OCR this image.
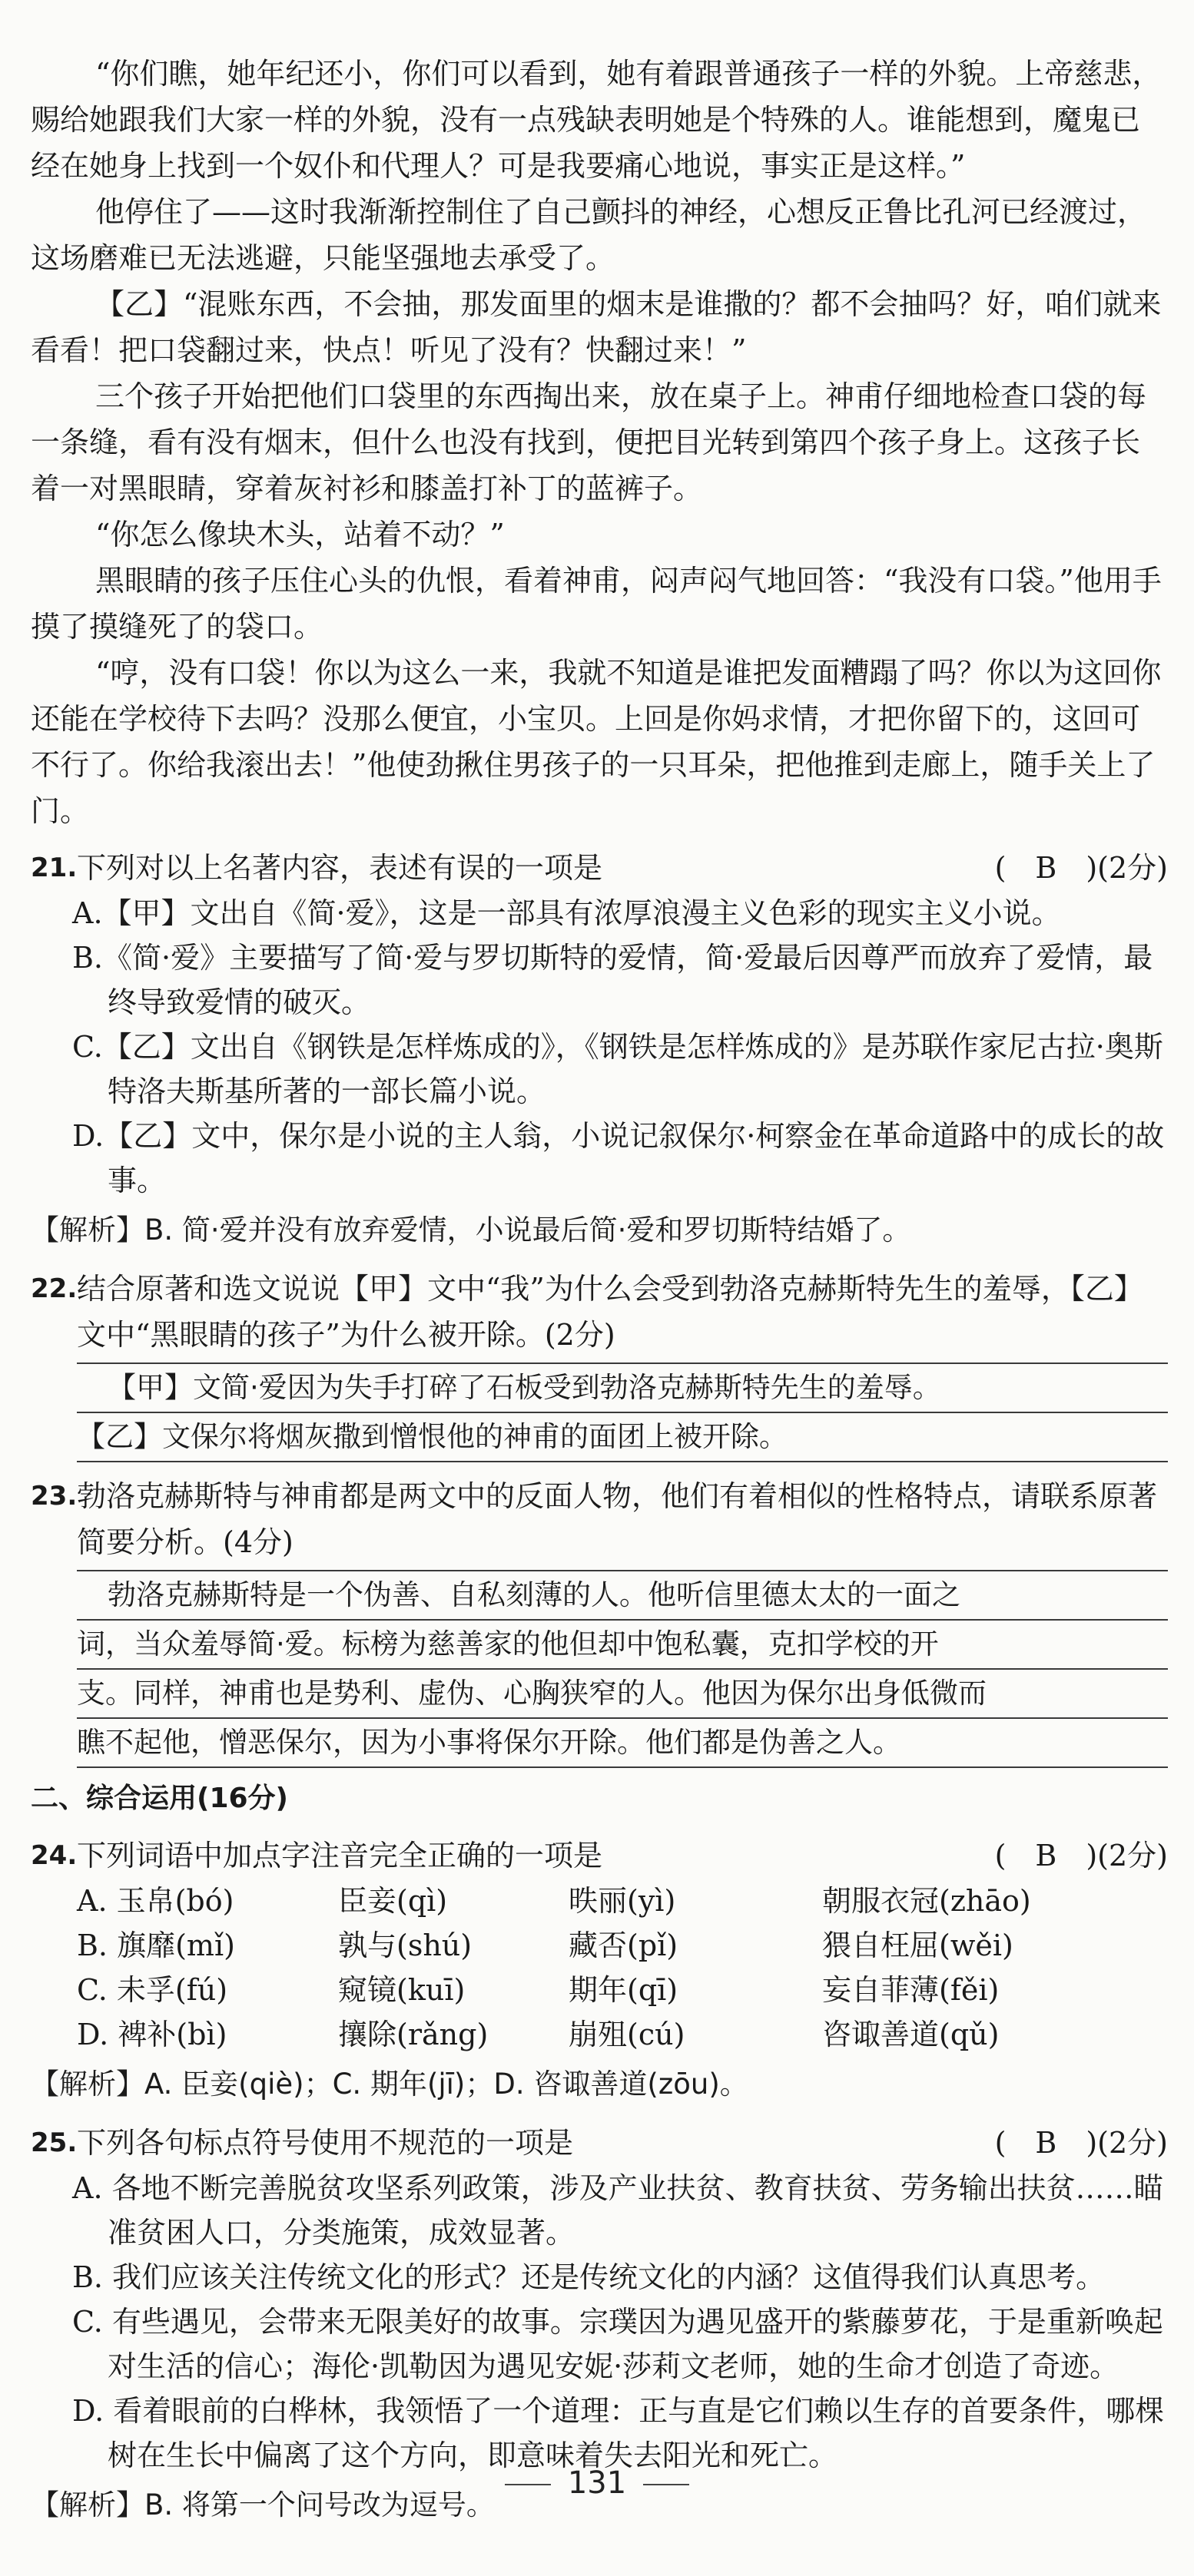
“你们瞧，她年纪还小，你们可以看到，她有着跟普通孩子一样的外貌。上帝慈悲，赐给她跟我们大家一样的外貌，没有一点残缺表明她是个特殊的人。谁能想到，魔鬼已经在她身上找到一个奴仆和代理人？可是我要痛心地说，事实正是这样。”

他停住了——这时我渐渐控制住了自己颤抖的神经，心想反正鲁比孔河已经渡过，这场磨难已无法逃避，只能坚强地去承受了。

【乙】“混账东西，不会抽，那发面里的烟末是谁撒的？都不会抽吗？好，咱们就来看看！把口袋翻过来，快点！听见了没有？快翻过来！”

三个孩子开始把他们口袋里的东西掏出来，放在桌子上。神甫仔细地检查口袋的每一条缝，看有没有烟末，但什么也没有找到，便把目光转到第四个孩子身上。这孩子长着一对黑眼睛，穿着灰衬衫和膝盖打补丁的蓝裤子。

“你怎么像块木头，站着不动？”

黑眼睛的孩子压住心头的仇恨，看着神甫，闷声闷气地回答：“我没有口袋。”他用手摸了摸缝死了的袋口。

“哼，没有口袋！你以为这么一来，我就不知道是谁把发面糟蹋了吗？你以为这回你还能在学校待下去吗？没那么便宜，小宝贝。上回是你妈求情，才把你留下的，这回可不行了。你给我滚出去！”他使劲揪住男孩子的一只耳朵，把他推到走廊上，随手关上了门。

21. 下列对以上名著内容，表述有误的一项是	(　B　)(2分)

A.【甲】文出自《简·爱》，这是一部具有浓厚浪漫主义色彩的现实主义小说。

B.《简·爱》主要描写了简·爱与罗切斯特的爱情，简·爱最后因尊严而放弃了爱情，最终导致爱情的破灭。

C.【乙】文出自《钢铁是怎样炼成的》，《钢铁是怎样炼成的》是苏联作家尼古拉·奥斯特洛夫斯基所著的一部长篇小说。

D.【乙】文中，保尔是小说的主人翁，小说记叙保尔·柯察金在革命道路中的成长的故事。

【解析】B. 简·爱并没有放弃爱情，小说最后简·爱和罗切斯特结婚了。

22. 结合原著和选文说说【甲】文中“我”为什么会受到勃洛克赫斯特先生的羞辱，【乙】文中“黑眼睛的孩子”为什么被开除。(2分)

【甲】文简·爱因为失手打碎了石板受到勃洛克赫斯特先生的羞辱。

【乙】文保尔将烟灰撒到憎恨他的神甫的面团上被开除。

23. 勃洛克赫斯特与神甫都是两文中的反面人物，他们有着相似的性格特点，请联系原著简要分析。(4分)

勃洛克赫斯特是一个伪善、自私刻薄的人。他听信里德太太的一面之

词，当众羞辱简·爱。标榜为慈善家的他但却中饱私囊，克扣学校的开

支。同样，神甫也是势利、虚伪、心胸狭窄的人。他因为保尔出身低微而

瞧不起他，憎恶保尔，因为小事将保尔开除。他们都是伪善之人。

二、综合运用(16分)
24. 下列词语中加点字注音完全正确的一项是	(　B　)(2分)
A. 玉帛(bó)	臣妾(qì)	昳丽(yì)	朝服衣冠(zhāo)
B. 旗靡(mǐ)	孰与(shú)	藏否(pǐ)	猥自枉屈(wěi)
C. 未孚(fú)	窥镜(kuī)	期年(qī)	妄自菲薄(fěi)
D. 裨补(bì)	攘除(rǎng)	崩殂(cú)	咨诹善道(qǔ)

【解析】A. 臣妾(qiè)；C. 期年(jī)；D. 咨诹善道(zōu)。

25. 下列各句标点符号使用不规范的一项是	(　B　)(2分)

A. 各地不断完善脱贫攻坚系列政策，涉及产业扶贫、教育扶贫、劳务输出扶贫……瞄准贫困人口，分类施策，成效显著。

B. 我们应该关注传统文化的形式？还是传统文化的内涵？这值得我们认真思考。

C. 有些遇见，会带来无限美好的故事。宗璞因为遇见盛开的紫藤萝花，于是重新唤起对生活的信心；海伦·凯勒因为遇见安妮·莎莉文老师，她的生命才创造了奇迹。

D. 看着眼前的白桦林，我领悟了一个道理：正与直是它们赖以生存的首要条件，哪棵树在生长中偏离了这个方向，即意味着失去阳光和死亡。

【解析】B. 将第一个问号改为逗号。

131
